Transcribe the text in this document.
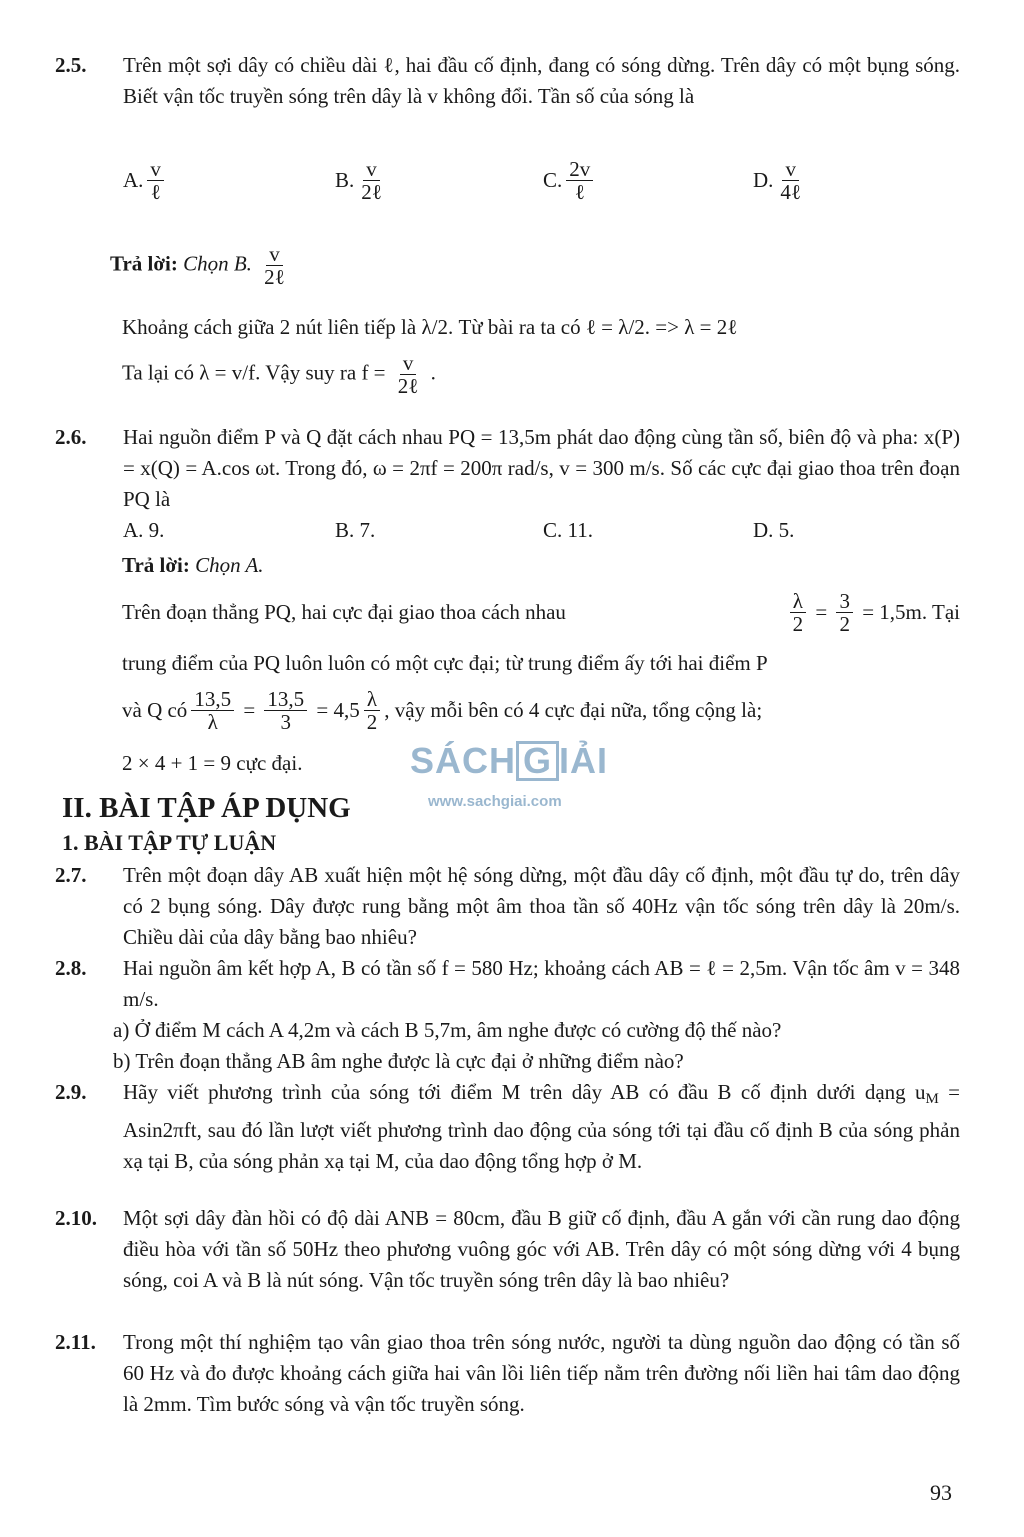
2.5. Trên một sợi dây có chiều dài ℓ, hai đầu cố định, đang có sóng dừng. Trên dây có một bụng sóng. Biết vận tốc truyền sóng trên dây là v không đổi. Tần số của sóng là
A. $\frac{v}{\text{ℓ}}$	B. $\frac{v}{\text{2ℓ}}$	C. $\frac{2v}{\text{ℓ}}$	D. $\frac{v}{\text{4ℓ}}$
Trả lời: Chọn B. $\frac{v}{\text{2ℓ}}$
Khoảng cách giữa 2 nút liên tiếp là λ/2. Từ bài ra ta có ℓ = λ/2. => λ = 2ℓ
Ta lại có λ = v/f. Vậy suy ra $f = \frac{v}{\text{2ℓ}}$ .
2.6. Hai nguồn điểm P và Q đặt cách nhau PQ = 13,5m phát dao động cùng tần số, biên độ và pha: x(P) = x(Q) = A.cos ωt. Trong đó, ω = 2πf = 200π rad/s, v = 300 m/s. Số các cực đại giao thoa trên đoạn PQ là
A. 9.	B. 7.	C. 11.	D. 5.
Trả lời: Chọn A.
Trên đoạn thẳng PQ, hai cực đại giao thoa cách nhau	$\frac{\lambda}{2} = \frac{3}{2}$
= 1,5m. Tại
trung điểm của PQ luôn luôn có một cực đại; từ trung điểm ấy tới hai điểm P
và Q có $\frac{13,5}{\lambda} = \frac{13,5}{3}$
= $4,5 \frac{\lambda}{2}$ , vậy mỗi bên có 4 cực đại nữa, tổng cộng là;
2 × 4 + 1 = 9 cực đại.	SÁCH G IẢI
www.sachgiai.com
II. BÀI TẬP ÁP DỤNG
1. BÀI TẬP TỰ LUẬN
2.7. Trên một đoạn dây AB xuất hiện một hệ sóng dừng, một đầu dây cố định, một đầu tự do, trên dây có 2 bụng sóng. Dây được rung bằng một âm thoa tần số 40Hz vận tốc sóng trên dây là 20m/s. Chiều dài của dây bằng bao nhiêu?
2.8. Hai nguồn âm kết hợp A, B có tần số f = 580 Hz; khoảng cách AB = ℓ = 2,5m. Vận tốc âm v = 348 m/s.
a) Ở điểm M cách A 4,2m và cách B 5,7m, âm nghe được có cường độ thế nào?
b) Trên đoạn thẳng AB âm nghe được là cực đại ở những điểm nào?
2.9. Hãy viết phương trình của sóng tới điểm M trên dây AB có đầu B cố định dưới dạng $u_M = Asin2\pi ft$, sau đó lần lượt viết phương trình dao động của sóng tới tại đầu cố định B của sóng phản xạ tại B, của sóng phản xạ tại M, của dao động tổng hợp ở M.
2.10. Một sợi dây đàn hồi có độ dài ANB = 80cm, đầu B giữ cố định, đầu A gắn với cần rung dao động điều hòa với tần số 50Hz theo phương vuông góc với AB. Trên dây có một sóng dừng với 4 bụng sóng, coi A và B là nút sóng. Vận tốc truyền sóng trên dây là bao nhiêu?
2.11. Trong một thí nghiệm tạo vân giao thoa trên sóng nước, người ta dùng nguồn dao động có tần số 60 Hz và đo được khoảng cách giữa hai vân lồi liên tiếp nằm trên đường nối liền hai tâm dao động là 2mm. Tìm bước sóng và vận tốc truyền sóng.
93
